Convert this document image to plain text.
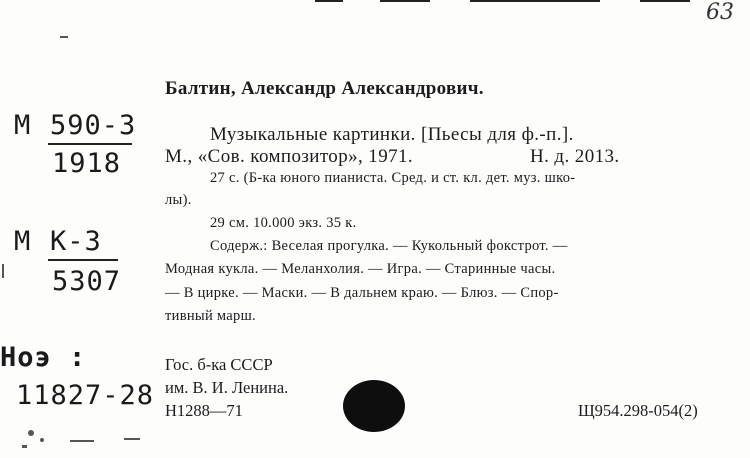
63
M 590-3
1918
M К-3
5307
Ноэ :
11827-28
Балтин, Александр Александрович.
Музыкальные картинки. [Пьесы для ф.-п.].
М., «Сов. композитор», 1971.	Н. д. 2013.
27 с. (Б-ка юного пианиста. Сред. и ст. кл. дет. муз. шко-
лы).
29 см. 10.000 экз. 35 к.
Содерж.: Веселая прогулка. — Кукольный фокстрот. —
Модная кукла. — Меланхолия. — Игра. — Старинные часы.
— В цирке. — Маски. — В дальнем краю. — Блюз. — Спор-
тивный марш.
Гос. б-ка СССР
им. В. И. Ленина.
Н1288—71	Щ954.298-054(2)
